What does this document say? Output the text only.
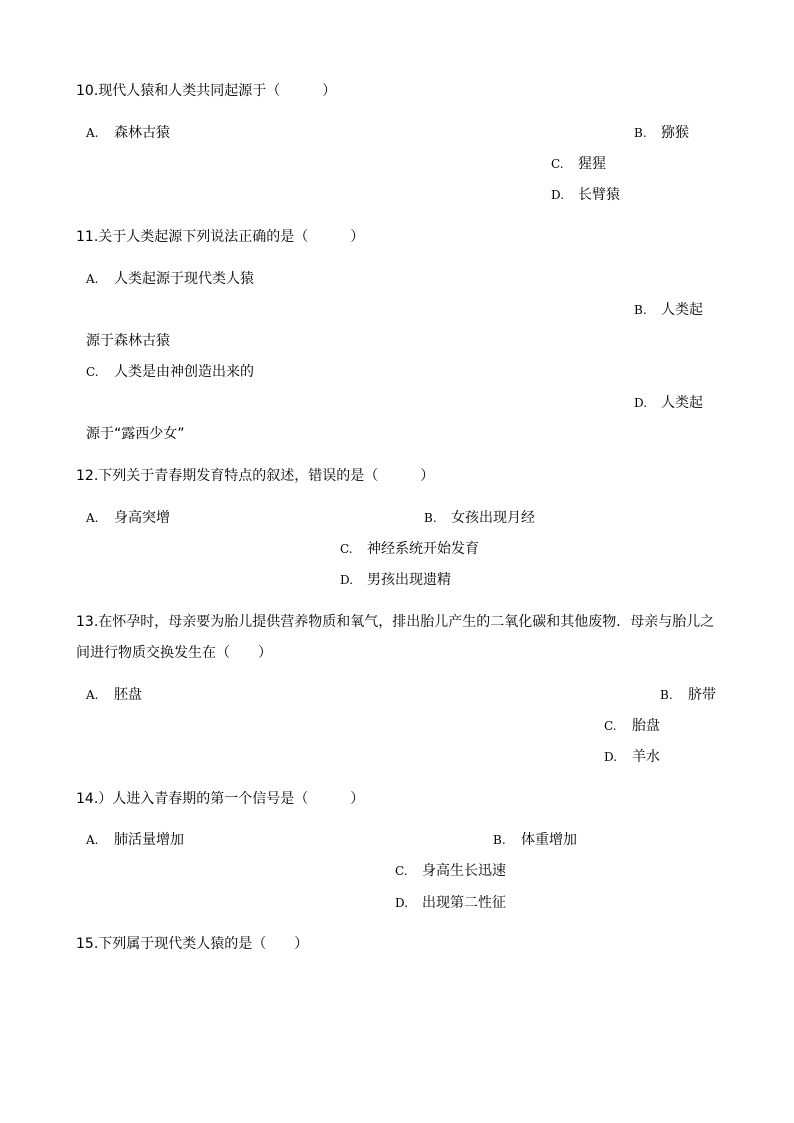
10.现代人猿和人类共同起源于（　　　）
A. 森林古猿	B. 猕猴
C. 猩猩
D. 长臂猿
11.关于人类起源下列说法正确的是（　　　）
A. 人类起源于现代类人猿
B. 人类起
源于森林古猿
C. 人类是由神创造出来的
D. 人类起
源于“露西少女”
12.下列关于青春期发育特点的叙述，错误的是（　　　）
A. 身高突增	B. 女孩出现月经
C. 神经系统开始发育
D. 男孩出现遗精
13.在怀孕时，母亲要为胎儿提供营养物质和氧气，排出胎儿产生的二氧化碳和其他废物．母亲与胎儿之
间进行物质交换发生在（　　）
A. 胚盘	B. 脐带
C. 胎盘
D. 羊水
14.）人进入青春期的第一个信号是（　　　）
A. 肺活量增加	B. 体重增加
C. 身高生长迅速
D. 出现第二性征
15.下列属于现代类人猿的是（　　）
